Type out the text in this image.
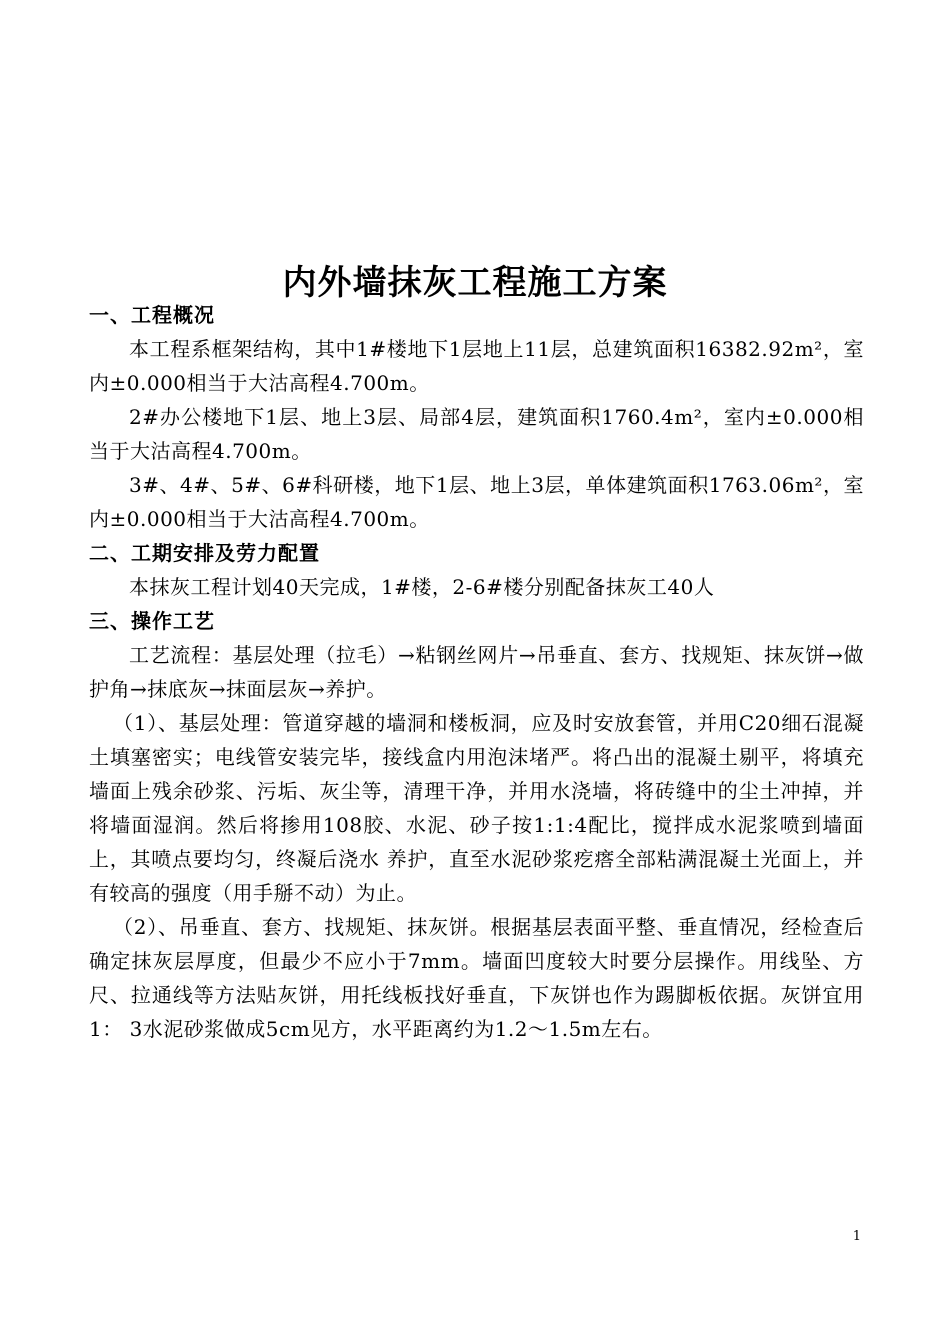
内外墙抹灰工程施工方案
一、工程概况

本工程系框架结构，其中1#楼地下1层地上11层，总建筑面积16382.92m²，室内±0.000相当于大沽高程4.700m。

2#办公楼地下1层、地上3层、局部4层，建筑面积1760.4m²，室内±0.000相当于大沽高程4.700m。

3#、4#、5#、6#科研楼，地下1层、地上3层，单体建筑面积1763.06m²，室内±0.000相当于大沽高程4.700m。

二、工期安排及劳力配置

本抹灰工程计划40天完成，1#楼，2-6#楼分别配备抹灰工40人

三、操作工艺

工艺流程：基层处理（拉毛）→粘钢丝网片→吊垂直、套方、找规矩、抹灰饼→做护角→抹底灰→抹面层灰→养护。

（1）、基层处理：管道穿越的墙洞和楼板洞，应及时安放套管，并用C20细石混凝土填塞密实；电线管安装完毕，接线盒内用泡沫堵严。将凸出的混凝土剔平，将填充墙面上残余砂浆、污垢、灰尘等，清理干净，并用水浇墙，将砖缝中的尘土冲掉，并将墙面湿润。然后将掺用108胶、水泥、砂子按1:1:4配比，搅拌成水泥浆喷到墙面上，其喷点要均匀，终凝后浇水 养护，直至水泥砂浆疙瘩全部粘满混凝土光面上，并有较高的强度（用手掰不动）为止。

（2）、吊垂直、套方、找规矩、抹灰饼。根据基层表面平整、垂直情况，经检查后确定抹灰层厚度，但最少不应小于7mm。墙面凹度较大时要分层操作。用线坠、方尺、拉通线等方法贴灰饼，用托线板找好垂直，下灰饼也作为踢脚板依据。灰饼宜用1： 3水泥砂浆做成5cm见方，水平距离约为1.2～1.5m左右。

1
